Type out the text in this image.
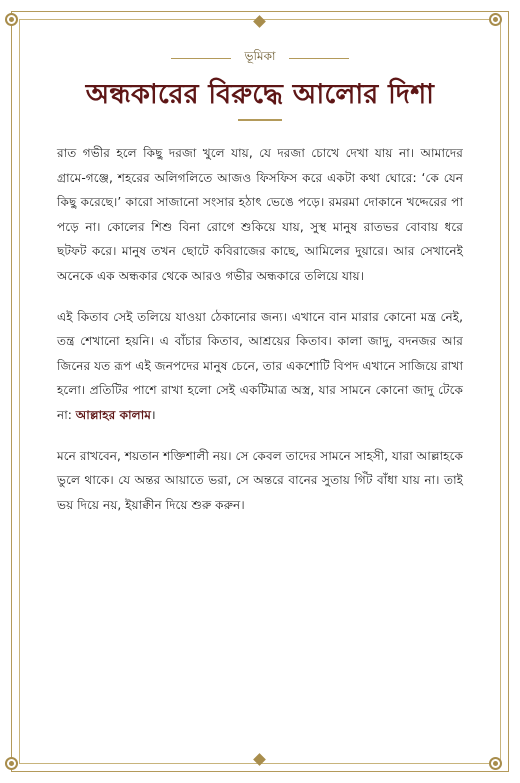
ভূমিকা
অন্ধকারের বিরুদ্ধে আলোর দিশা

রাত গভীর হলে কিছু দরজা খুলে যায়, যে দরজা চোখে দেখা যায় না। আমাদের গ্রামে-গঞ্জে, শহরের অলিগলিতে আজও ফিসফিস করে একটা কথা ঘোরে: ‘কে যেন কিছু করেছে।’ কারো সাজানো সংসার হঠাৎ ভেঙে পড়ে। রমরমা দোকানে খদ্দেরের পা পড়ে না। কোলের শিশু বিনা রোগে শুকিয়ে যায়, সুস্থ মানুষ রাতভর বোবায় ধরে ছটফট করে। মানুষ তখন ছোটে কবিরাজের কাছে, আমিলের দুয়ারে। আর সেখানেই অনেকে এক অন্ধকার থেকে আরও গভীর অন্ধকারে তলিয়ে যায়।

এই কিতাব সেই তলিয়ে যাওয়া ঠেকানোর জন্য। এখানে বান মারার কোনো মন্ত্র নেই, তন্ত্র শেখানো হয়নি। এ বাঁচার কিতাব, আশ্রয়ের কিতাব। কালা জাদু, বদনজর আর জিনের যত রূপ এই জনপদের মানুষ চেনে, তার একশোটি বিপদ এখানে সাজিয়ে রাখা হলো। প্রতিটির পাশে রাখা হলো সেই একটিমাত্র অস্ত্র, যার সামনে কোনো জাদু টেকে না: আল্লাহর কালাম।

মনে রাখবেন, শয়তান শক্তিশালী নয়। সে কেবল তাদের সামনে সাহসী, যারা আল্লাহকে ভুলে থাকে। যে অন্তর আয়াতে ভরা, সে অন্তরে বানের সুতায় গিঁট বাঁধা যায় না। তাই ভয় দিয়ে নয়, ইয়াক্বীন দিয়ে শুরু করুন।
